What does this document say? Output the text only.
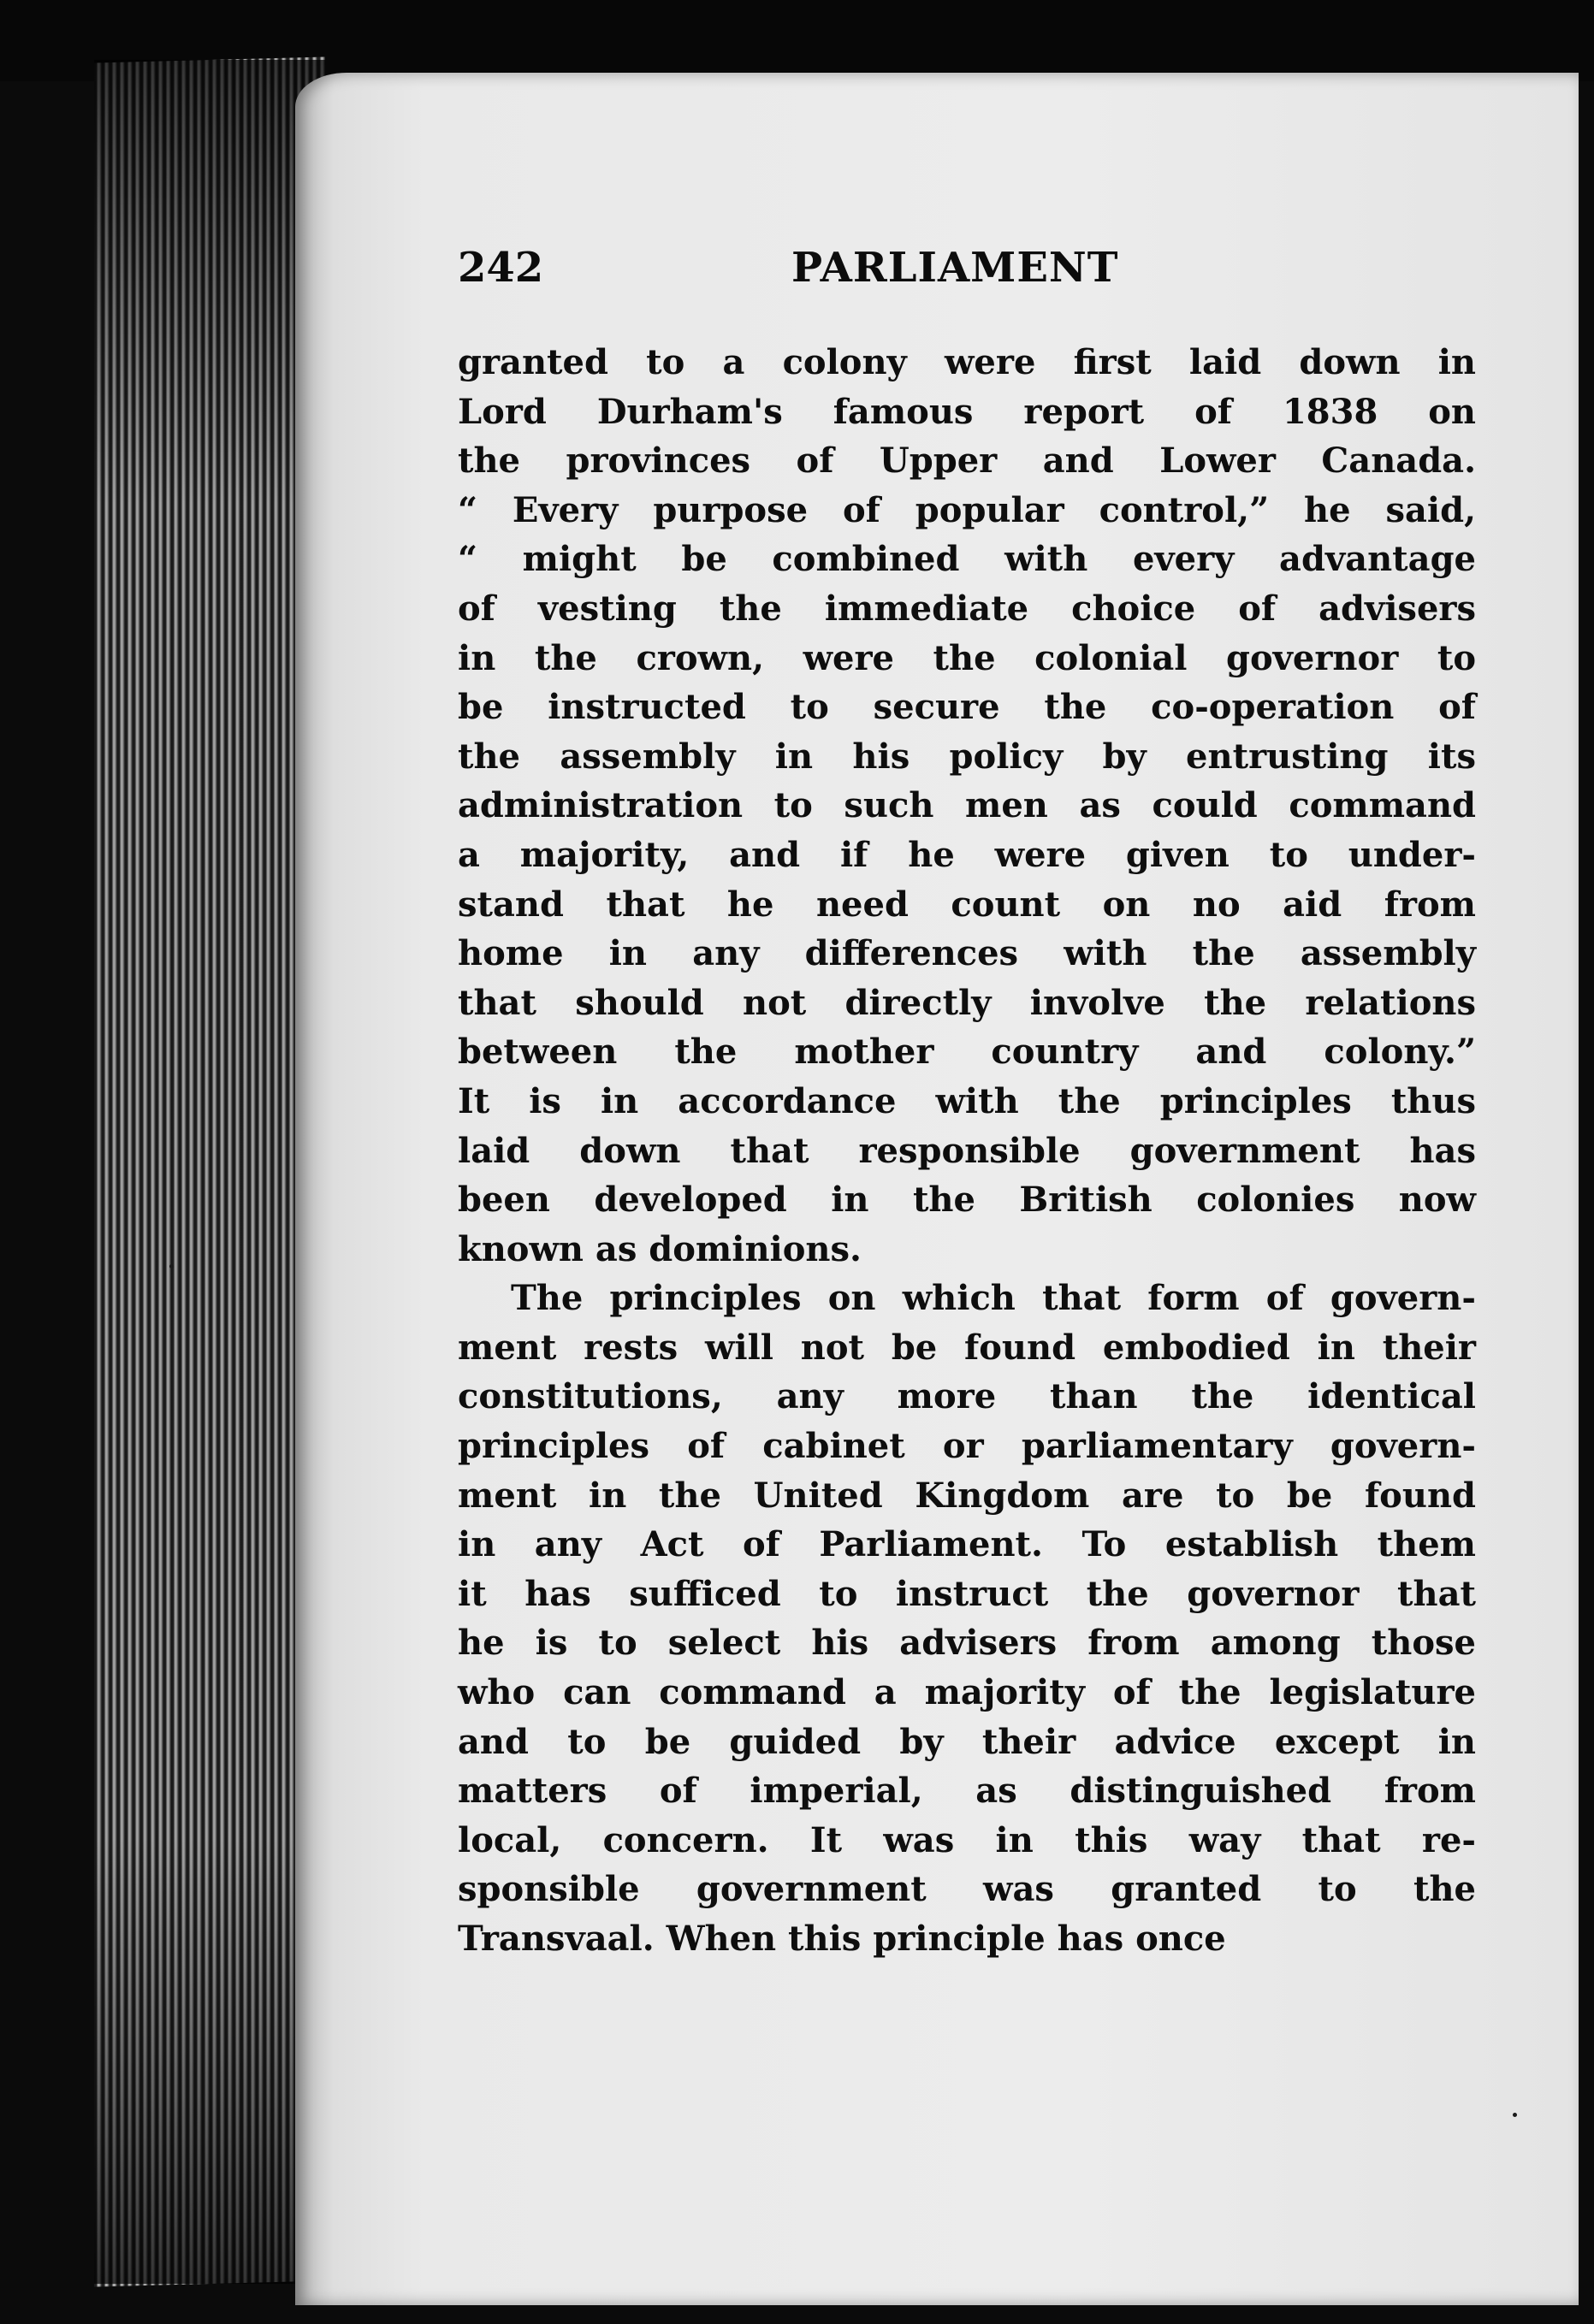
242	PARLIAMENT
granted to a colony were first laid down in
Lord Durham's famous report of 1838 on
the provinces of Upper and Lower Canada.
“ Every purpose of popular control,” he said,
“ might be combined with every advantage
of vesting the immediate choice of advisers
in the crown, were the colonial governor to
be instructed to secure the co-operation of
the assembly in his policy by entrusting its
administration to such men as could command
a majority, and if he were given to under-
stand that he need count on no aid from
home in any differences with the assembly
that should not directly involve the relations
between the mother country and colony.”
It is in accordance with the principles thus
laid down that responsible government has
been developed in the British colonies now
known as dominions.
The principles on which that form of govern-
ment rests will not be found embodied in their
constitutions, any more than the identical
principles of cabinet or parliamentary govern-
ment in the United Kingdom are to be found
in any Act of Parliament. To establish them
it has sufficed to instruct the governor that
he is to select his advisers from among those
who can command a majority of the legislature
and to be guided by their advice except in
matters of imperial, as distinguished from
local, concern. It was in this way that re-
sponsible government was granted to the
Transvaal. When this principle has once
